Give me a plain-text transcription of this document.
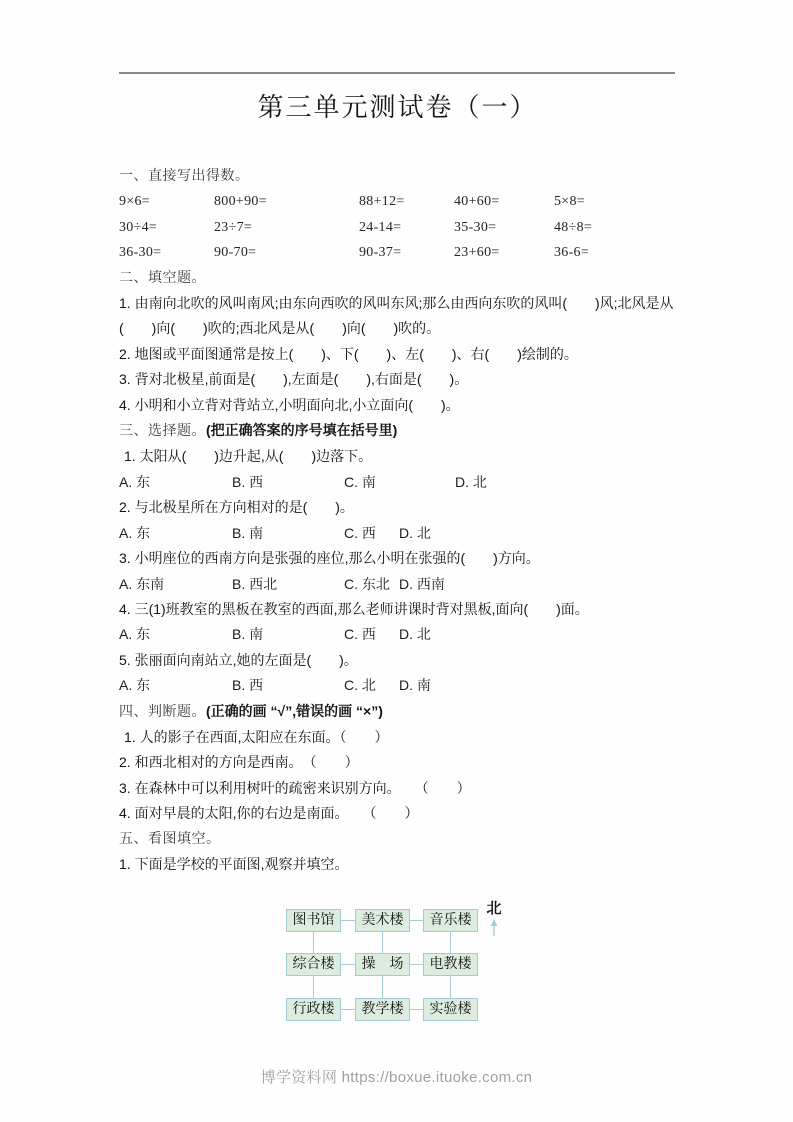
第三单元测试卷（一）
一、直接写出得数。
9×6=	800+90=	88+12=	40+60=	5×8=
30÷4=	23÷7=	24-14=	35-30=	48÷8=
36-30=	90-70=	90-37=	23+60=	36-6=
二、填空题。
1. 由南向北吹的风叫南风;由东向西吹的风叫东风;那么由西向东吹的风叫(　　)风;北风是从
(　　)向(　　)吹的;西北风是从(　　)向(　　)吹的。
2. 地图或平面图通常是按上(　　)、下(　　)、左(　　)、右(　　)绘制的。
3. 背对北极星,前面是(　　),左面是(　　),右面是(　　)。
4. 小明和小立背对背站立,小明面向北,小立面向(　　)。
三、选择题。(把正确答案的序号填在括号里)
1. 太阳从(　　)边升起,从(　　)边落下。
A. 东	B. 西	C. 南	D. 北
2. 与北极星所在方向相对的是(　　)。
A. 东	B. 南	C. 西 D. 北
3. 小明座位的西南方向是张强的座位,那么小明在张强的(　　)方向。
A. 东南	B. 西北	C. 东北 D. 西南
4. 三(1)班教室的黑板在教室的西面,那么老师讲课时背对黑板,面向(　　)面。
A. 东	B. 南	C. 西 D. 北
5. 张丽面向南站立,她的左面是(　　)。
A. 东	B. 西	C. 北 D. 南
四、判断题。(正确的画 “√”,错误的画 “×”)
1. 人的影子在西面,太阳应在东面。（　　）
2. 和西北相对的方向是西南。　（　　）
3. 在森林中可以利用树叶的疏密来识别方向。　　（　　）
4. 面对早晨的太阳,你的右边是南面。　　（　　）
五、看图填空。
1. 下面是学校的平面图,观察并填空。
图书馆	美术楼	音乐楼
综合楼	操　场	电教楼
行政楼	教学楼	实验楼
北
博学资料网 https://boxue.ituoke.com.cn
